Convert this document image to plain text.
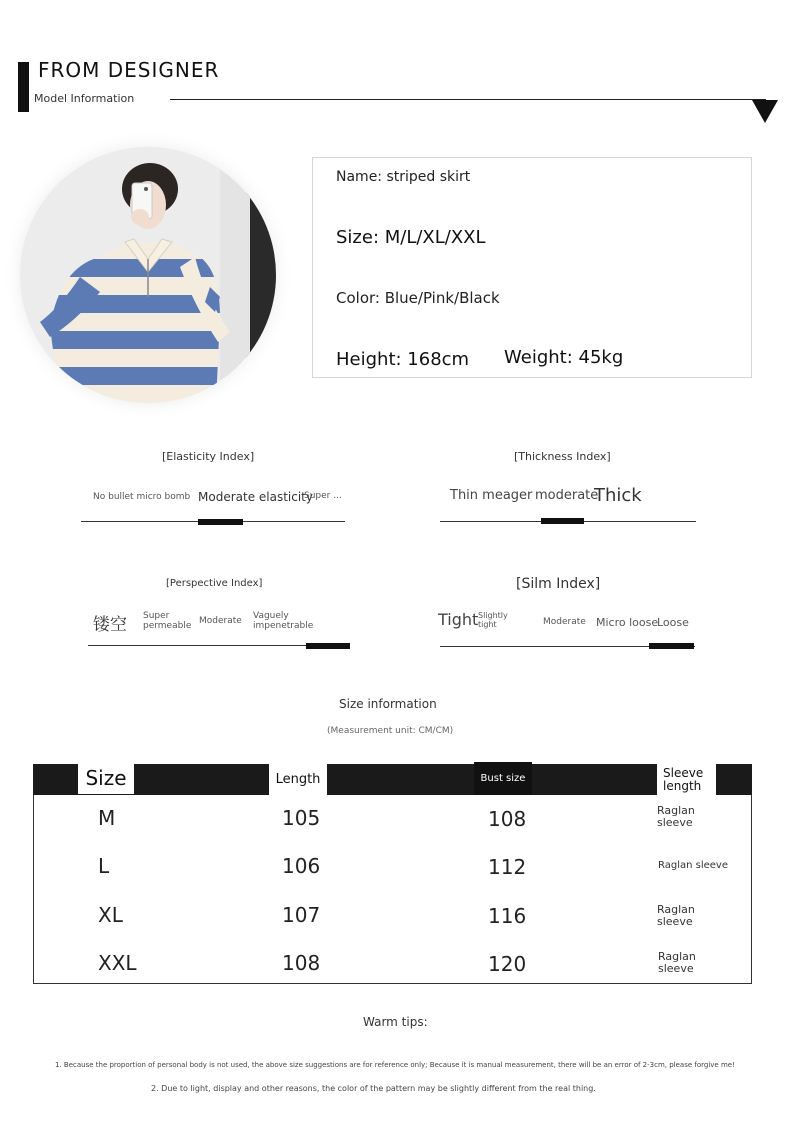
FROM DESIGNER
Model Information
Name: striped skirt
Size: M/L/XL/XXL
Color: Blue/Pink/Black
Height: 168cm Weight: 45kg
[Elasticity Index]
No bullet micro bomb Moderate elasticity
Super ...
[Thickness Index]
Thin meager moderate
Thick
[Perspective Index]
镂空 Super permeable Moderate Vaguely impenetrable
[Silm Index]
Tight Slightly tight	Moderate Micro loose
Loose
Size information
(Measurement unit: CM/CM)
Size	Length	Bust size	Sleeve length
M	105	108	Raglan sleeve
L	106	112	Raglan sleeve
XL	107	116	Raglan sleeve
XXL	108	120	Raglan sleeve
Warm tips:
1. Because the proportion of personal body is not used, the above size suggestions are for reference only; Because it is manual measurement, there will be an error of 2-3cm, please forgive me!
2. Due to light, display and other reasons, the color of the pattern may be slightly different from the real thing.
